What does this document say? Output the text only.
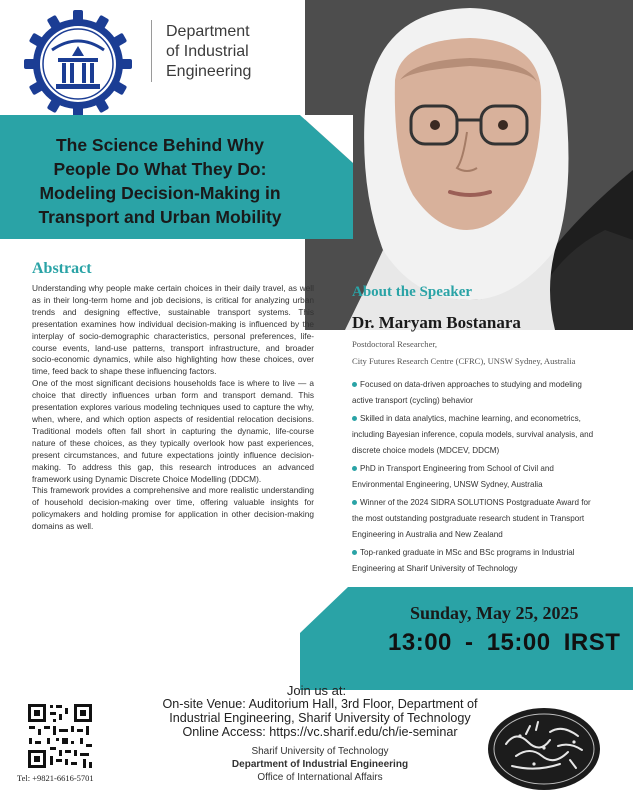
Department
of Industrial
Engineering
The Science Behind Why
People Do What They Do:
Modeling Decision-Making in
Transport and Urban Mobility
Abstract

Understanding why people make certain choices in their daily travel, as well as in their long-term home and job decisions, is critical for analyzing urban trends and designing effective, sustainable transport systems. This presentation examines how individual decision-making is influenced by the interplay of socio-demographic characteristics, personal preferences, life-course events, land-use patterns, transport infrastructure, and broader socio-economic dynamics, while also highlighting how these choices, over time, feed back to shape these influencing factors.

One of the most significant decisions households face is where to live — a choice that directly influences urban form and transport demand. This presentation explores various modeling techniques used to capture the why, when, where, and which option aspects of residential relocation decisions. Traditional models often fall short in capturing the dynamic, life-course nature of these choices, as they typically overlook how past experiences, present circumstances, and future expectations jointly influence decision-making. To address this gap, this research introduces an advanced framework using Dynamic Discrete Choice Modelling (DDCM).

This framework provides a comprehensive and more realistic understanding of household decision-making over time, offering valuable insights for policymakers and holding promise for application in other decision-making domains as well.

About the Speaker
Dr. Maryam Bostanara
Postdoctoral Researcher,
City Futures Research Centre (CFRC), UNSW Sydney, Australia
Focused on data-driven approaches to studying and modeling active transport (cycling) behavior
Skilled in data analytics, machine learning, and econometrics, including Bayesian inference, copula models, survival analysis, and discrete choice models (MDCEV, DDCM)
PhD in Transport Engineering from School of Civil and Environmental Engineering, UNSW Sydney, Australia
Winner of the 2024 SIDRA SOLUTIONS Postgraduate Award for the most outstanding postgraduate research student in Transport Engineering in Australia and New Zealand
Top-ranked graduate in MSc and BSc programs in Industrial Engineering at Sharif University of Technology
Sunday, May 25, 2025
13:00 - 15:00 IRST
Join us at:
On-site Venue: Auditorium Hall, 3rd Floor, Department of
Industrial Engineering, Sharif University of Technology
Online Access: https://vc.sharif.edu/ch/ie-seminar
Sharif University of Technology
Department of Industrial Engineering
Office of International Affairs
Tel: +9821-6616-5701
